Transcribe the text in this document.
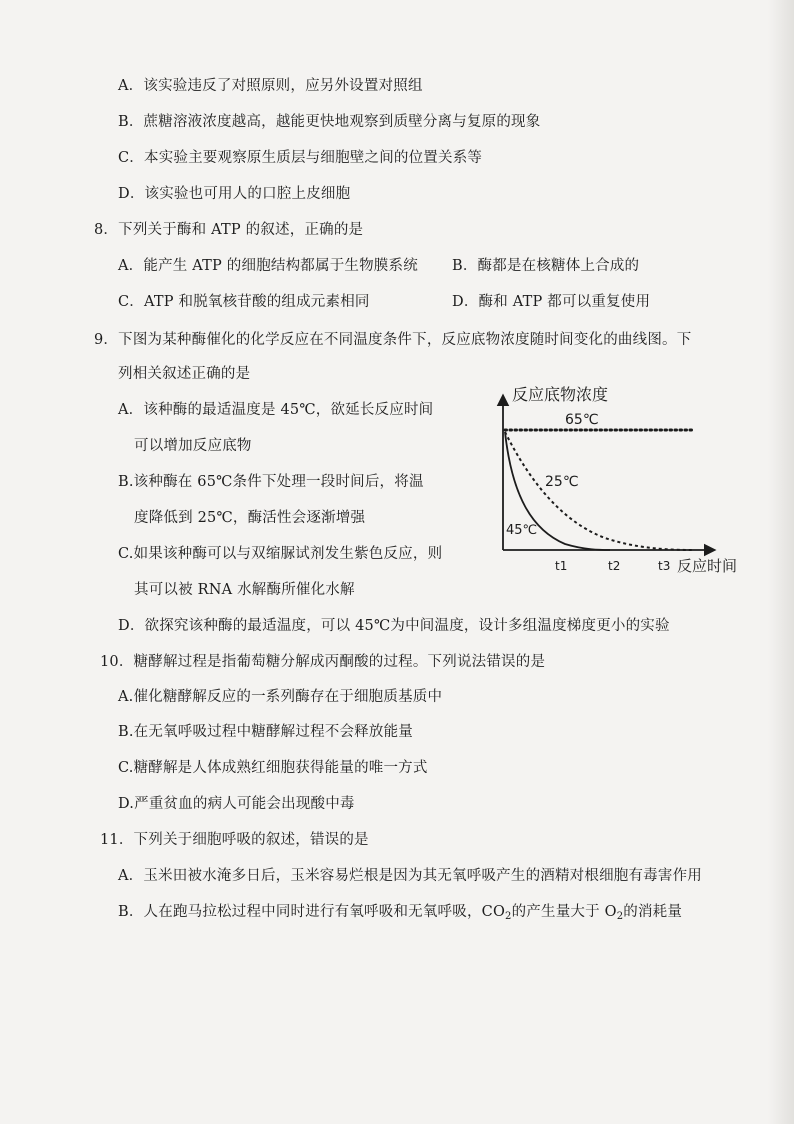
A．该实验违反了对照原则，应另外设置对照组
B．蔗糖溶液浓度越高，越能更快地观察到质壁分离与复原的现象
C．本实验主要观察原生质层与细胞壁之间的位置关系等
D．该实验也可用人的口腔上皮细胞
8．下列关于酶和 ATP 的叙述，正确的是
A．能产生 ATP 的细胞结构都属于生物膜系统 B．酶都是在核糖体上合成的
C．ATP 和脱氧核苷酸的组成元素相同	D．酶和 ATP 都可以重复使用
9．下图为某种酶催化的化学反应在不同温度条件下，反应底物浓度随时间变化的曲线图。下
列相关叙述正确的是
A．该种酶的最适温度是 45℃，欲延长反应时间
可以增加反应底物
B.该种酶在 65℃条件下处理一段时间后，将温
度降低到 25℃，酶活性会逐渐增强
C.如果该种酶可以与双缩脲试剂发生紫色反应，则
其可以被 RNA 水解酶所催化水解
D．欲探究该种酶的最适温度，可以 45℃为中间温度，设计多组温度梯度更小的实验
反应底物浓度
反应时间
65℃
25℃
45℃
t1	t2	t3
10．糖酵解过程是指葡萄糖分解成丙酮酸的过程。下列说法错误的是
A.催化糖酵解反应的一系列酶存在于细胞质基质中
B.在无氧呼吸过程中糖酵解过程不会释放能量
C.糖酵解是人体成熟红细胞获得能量的唯一方式
D.严重贫血的病人可能会出现酸中毒
11．下列关于细胞呼吸的叙述，错误的是
A．玉米田被水淹多日后，玉米容易烂根是因为其无氧呼吸产生的酒精对根细胞有毒害作用
B．人在跑马拉松过程中同时进行有氧呼吸和无氧呼吸，$CO_2$的产生量大于 $O_2$的消耗量
